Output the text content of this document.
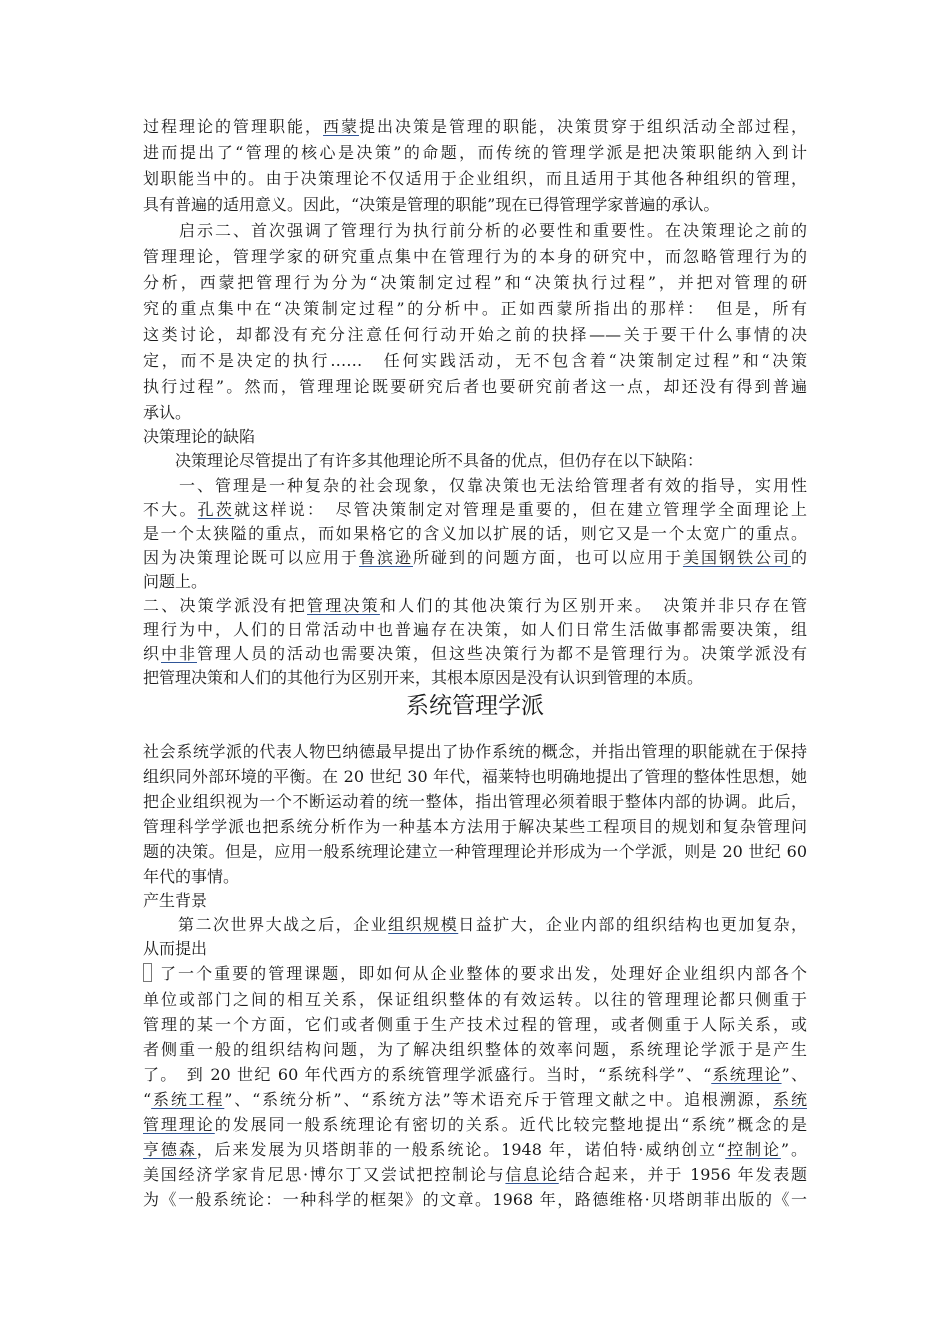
过程理论的管理职能，西蒙提出决策是管理的职能，决策贯穿于组织活动全部过程，
进而提出了“管理的核心是决策”的命题，而传统的管理学派是把决策职能纳入到计
划职能当中的。由于决策理论不仅适用于企业组织，而且适用于其他各种组织的管理，
具有普遍的适用意义。因此，“决策是管理的职能”现在已得管理学家普遍的承认。
　　启示二、首次强调了管理行为执行前分析的必要性和重要性。在决策理论之前的
管理理论，管理学家的研究重点集中在管理行为的本身的研究中，而忽略管理行为的
分析，西蒙把管理行为分为“决策制定过程”和“决策执行过程”，并把对管理的研
究的重点集中在“决策制定过程”的分析中。正如西蒙所指出的那样：　但是，所有
这类讨论，却都没有充分注意任何行动开始之前的抉择——关于要干什么事情的决
定，而不是决定的执行……　任何实践活动，无不包含着“决策制定过程”和“决策
执行过程”。然而，管理理论既要研究后者也要研究前者这一点，却还没有得到普遍
承认。
决策理论的缺陷
　　决策理论尽管提出了有许多其他理论所不具备的优点，但仍存在以下缺陷：
　　一、管理是一种复杂的社会现象，仅靠决策也无法给管理者有效的指导，实用性
不大。孔茨就这样说：　尽管决策制定对管理是重要的，但在建立管理学全面理论上
是一个太狭隘的重点，而如果格它的含义加以扩展的话，则它又是一个太宽广的重点。
因为决策理论既可以应用于鲁滨逊所碰到的问题方面，也可以应用于美国钢铁公司的
问题上。
二、决策学派没有把管理决策和人们的其他决策行为区别开来。　决策并非只存在管
理行为中，人们的日常活动中也普遍存在决策，如人们日常生活做事都需要决策，组
织中非管理人员的活动也需要决策，但这些决策行为都不是管理行为。决策学派没有
把管理决策和人们的其他行为区别开来，其根本原因是没有认识到管理的本质。
系统管理学派
社会系统学派的代表人物巴纳德最早提出了协作系统的概念，并指出管理的职能就在于保持
组织同外部环境的平衡。在 20 世纪 30 年代，福莱特也明确地提出了管理的整体性思想，她
把企业组织视为一个不断运动着的统一整体，指出管理必须着眼于整体内部的协调。此后，
管理科学学派也把系统分析作为一种基本方法用于解决某些工程项目的规划和复杂管理问
题的决策。但是，应用一般系统理论建立一种管理理论并形成为一个学派，则是 20 世纪 60
年代的事情。
产生背景
　　第二次世界大战之后，企业组织规模日益扩大，企业内部的组织结构也更加复杂，
从而提出
了一个重要的管理课题，即如何从企业整体的要求出发，处理好企业组织内部各个
单位或部门之间的相互关系，保证组织整体的有效运转。以往的管理理论都只侧重于
管理的某一个方面，它们或者侧重于生产技术过程的管理，或者侧重于人际关系，或
者侧重一般的组织结构问题，为了解决组织整体的效率问题，系统理论学派于是产生
了。　到 20 世纪 60 年代西方的系统管理学派盛行。当时，“系统科学”、“系统理论”、
“系统工程”、“系统分析”、“系统方法”等术语充斥于管理文献之中。追根溯源，系统
管理理论的发展同一般系统理论有密切的关系。近代比较完整地提出“系统”概念的是
亨德森，后来发展为贝塔朗菲的一般系统论。1948 年，诺伯特·威纳创立“控制论”。
美国经济学家肯尼思·博尔丁又尝试把控制论与信息论结合起来，并于 1956 年发表题
为《一般系统论：一种科学的框架》的文章。1968 年，路德维格·贝塔朗菲出版的《一
